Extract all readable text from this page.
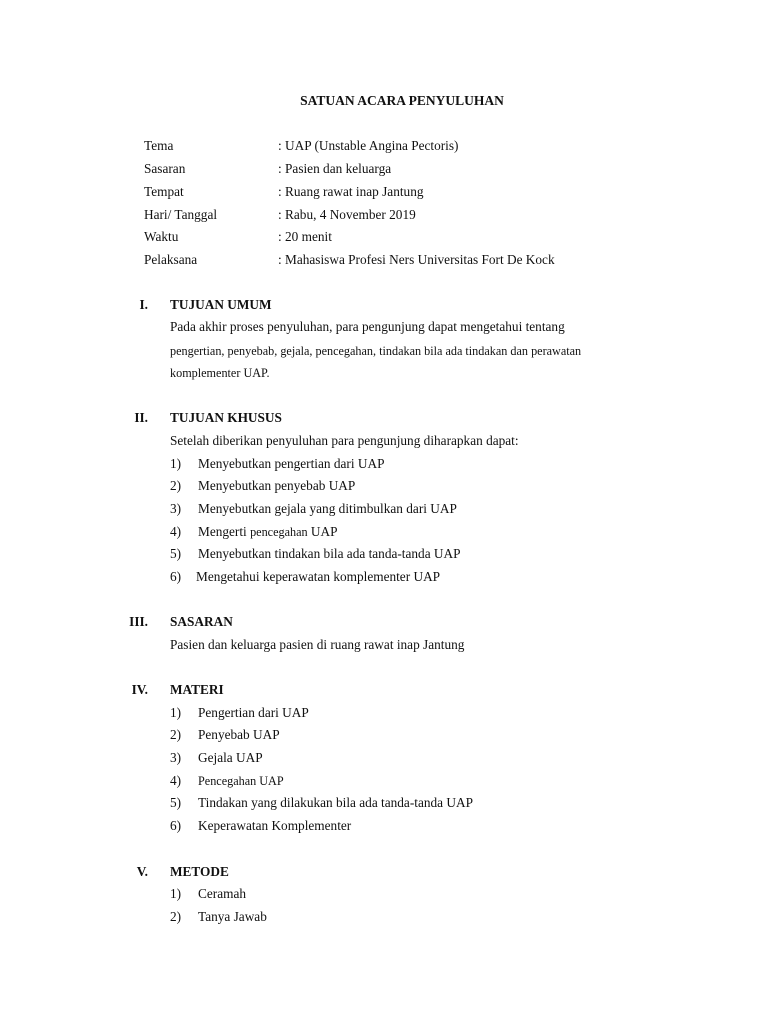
SATUAN ACARA PENYULUHAN
Tema	: UAP (Unstable Angina Pectoris)
Sasaran	: Pasien dan keluarga
Tempat	: Ruang rawat inap Jantung
Hari/ Tanggal	: Rabu, 4 November 2019
Waktu	: 20 menit
Pelaksana	: Mahasiswa Profesi Ners Universitas Fort De Kock
I. TUJUAN UMUM
Pada akhir proses penyuluhan, para pengunjung dapat mengetahui tentang
pengertian, penyebab, gejala, pencegahan, tindakan bila ada tindakan dan perawatan
komplementer UAP.
II. TUJUAN KHUSUS
Setelah diberikan penyuluhan para pengunjung diharapkan dapat:
1) Menyebutkan pengertian dari UAP
2) Menyebutkan penyebab UAP
3) Menyebutkan gejala yang ditimbulkan dari UAP
4) Mengerti pencegahan UAP
5) Menyebutkan tindakan bila ada tanda-tanda UAP
6) Mengetahui keperawatan komplementer UAP
III. SASARAN
Pasien dan keluarga pasien di ruang rawat inap Jantung
IV. MATERI
1) Pengertian dari UAP
2) Penyebab UAP
3) Gejala UAP
4) Pencegahan UAP
5) Tindakan yang dilakukan bila ada tanda-tanda UAP
6) Keperawatan Komplementer
V. METODE
1) Ceramah
2) Tanya Jawab
